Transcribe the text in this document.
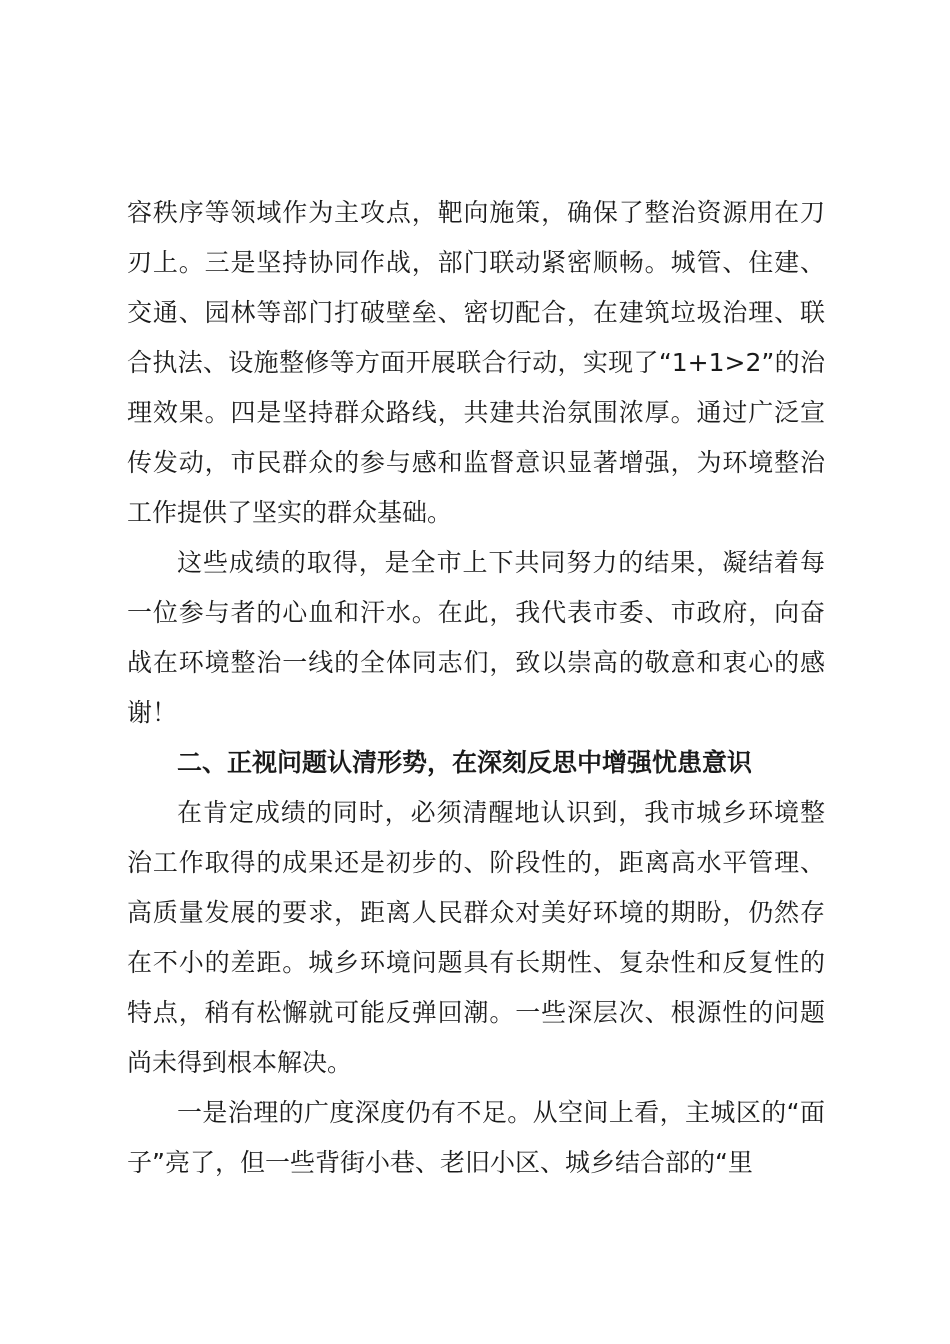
容秩序等领域作为主攻点，靶向施策，确保了整治资源用在刀刃上。三是坚持协同作战，部门联动紧密顺畅。城管、住建、交通、园林等部门打破壁垒、密切配合，在建筑垃圾治理、联合执法、设施整修等方面开展联合行动，实现了“1+1>2”的治理效果。四是坚持群众路线，共建共治氛围浓厚。通过广泛宣传发动，市民群众的参与感和监督意识显著增强，为环境整治工作提供了坚实的群众基础。

这些成绩的取得，是全市上下共同努力的结果，凝结着每一位参与者的心血和汗水。在此，我代表市委、市政府，向奋战在环境整治一线的全体同志们，致以崇高的敬意和衷心的感谢！

二、正视问题认清形势，在深刻反思中增强忧患意识

在肯定成绩的同时，必须清醒地认识到，我市城乡环境整治工作取得的成果还是初步的、阶段性的，距离高水平管理、高质量发展的要求，距离人民群众对美好环境的期盼，仍然存在不小的差距。城乡环境问题具有长期性、复杂性和反复性的特点，稍有松懈就可能反弹回潮。一些深层次、根源性的问题尚未得到根本解决。

一是治理的广度深度仍有不足。从空间上看，主城区的“面子”亮了，但一些背街小巷、老旧小区、城乡结合部的“里
